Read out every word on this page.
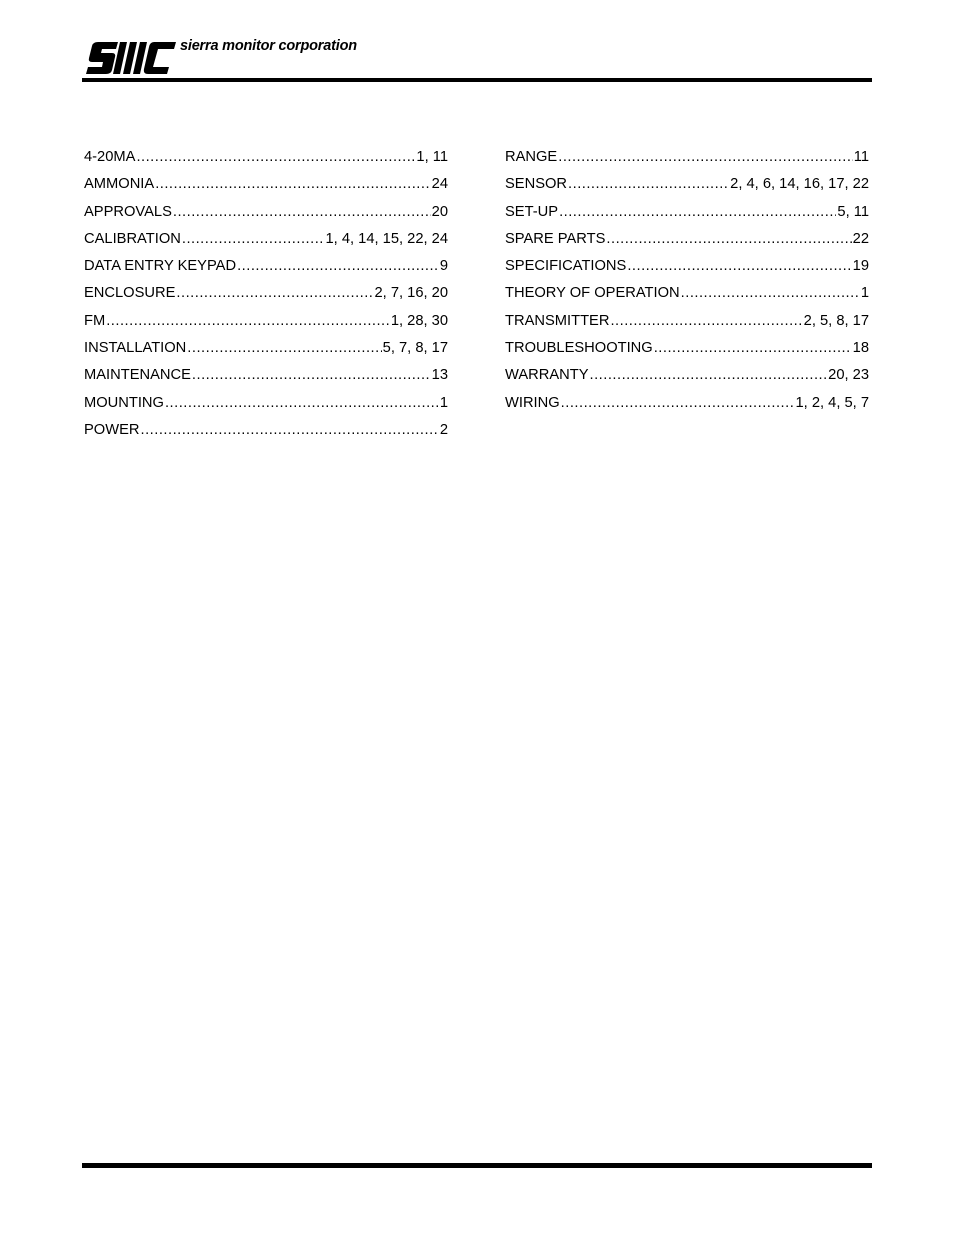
sierra monitor corporation
4-20MA .....	1, 11
AMMONIA .....	24
APPROVALS .....	20
CALIBRATION .....	1, 4, 14, 15, 22, 24
DATA ENTRY KEYPAD .....	9
ENCLOSURE .....	2, 7, 16, 20
FM .....	1, 28, 30
INSTALLATION .....	5, 7, 8, 17
MAINTENANCE .....	13
MOUNTING .....	1
POWER .....	2
RANGE .....	11
SENSOR .....	2, 4, 6, 14, 16, 17, 22
SET-UP .....	5, 11
SPARE PARTS .....	22
SPECIFICATIONS .....	19
THEORY OF OPERATION .....	1
TRANSMITTER .....	2, 5, 8, 17
TROUBLESHOOTING .....	18
WARRANTY .....	20, 23
WIRING .....	1, 2, 4, 5, 7
